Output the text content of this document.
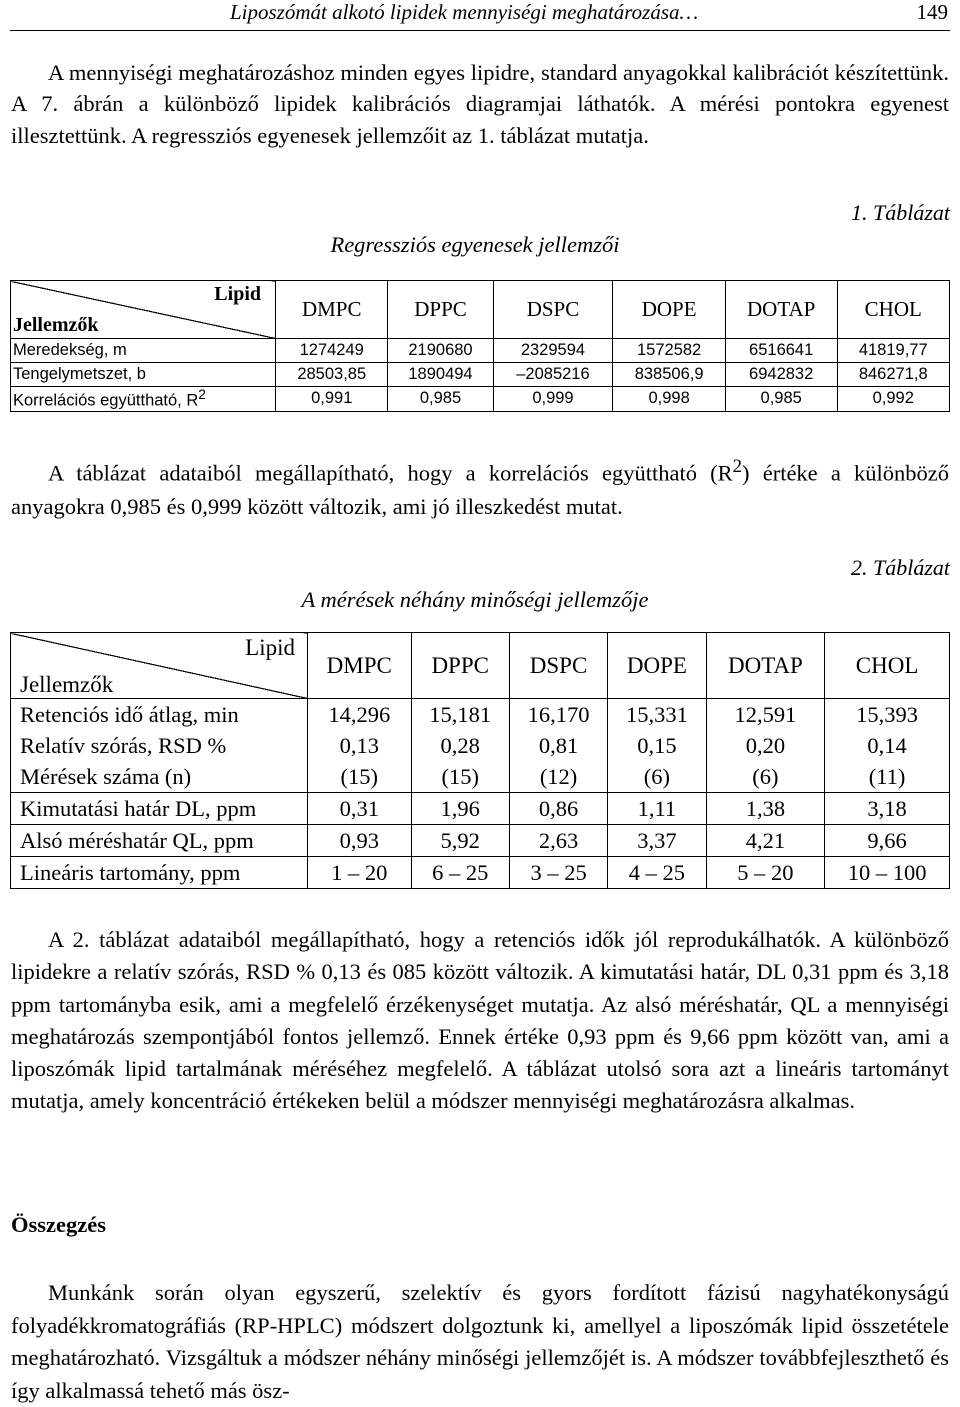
Liposzómát alkotó lipidek mennyiségi meghatározása…	149

A mennyiségi meghatározáshoz minden egyes lipidre, standard anyagokkal kalibrációt készítettünk. A 7. ábrán a különböző lipidek kalibrációs diagramjai láthatók. A mérési pontokra egyenest illesztettünk. A regressziós egyenesek jellemzőit az 1. táblázat mutatja.

1. Táblázat
Regressziós egyenesek jellemzői
Lipid
Jellemzők	DMPC	DPPC	DSPC	DOPE	DOTAP	CHOL
Meredekség, m	1274249	2190680	2329594	1572582	6516641	41819,77
Tengelymetszet, b	28503,85	1890494	–2085216	838506,9	6942832	846271,8
Korrelációs együttható, $R^2$	0,991	0,985	0,999	0,998	0,985	0,992

A táblázat adataiból megállapítható, hogy a korrelációs együttható $(R^2)$ értéke a különböző anyagokra 0,985 és 0,999 között változik, ami jó illeszkedést mutat.

2. Táblázat
A mérések néhány minőségi jellemzője
Lipid
Jellemzők	DMPC	DPPC	DSPC	DOPE	DOTAP	CHOL
Retenciós idő átlag, min	14,296	15,181	16,170	15,331	12,591	15,393
Relatív szórás, RSD %	0,13	0,28	0,81	0,15	0,20	0,14
Mérések száma (n)	(15)	(15)	(12)	(6)	(6)	(11)
Kimutatási határ DL, ppm	0,31	1,96	0,86	1,11	1,38	3,18
Alsó méréshatár QL, ppm	0,93	5,92	2,63	3,37	4,21	9,66
Lineáris tartomány, ppm	1 – 20	6 – 25	3 – 25	4 – 25	5 – 20	10 – 100

A 2. táblázat adataiból megállapítható, hogy a retenciós idők jól reprodukálhatók. A különböző lipidekre a relatív szórás, RSD % 0,13 és 085 között változik. A kimutatási határ, DL 0,31 ppm és 3,18 ppm tartományba esik, ami a megfelelő érzékenységet mutatja. Az alsó méréshatár, QL a mennyiségi meghatározás szempontjából fontos jellemző. Ennek értéke 0,93 ppm és 9,66 ppm között van, ami a liposzómák lipid tartalmának méréséhez megfelelő. A táblázat utolsó sora azt a lineáris tartományt mutatja, amely koncentráció értékeken belül a módszer mennyiségi meghatározásra alkalmas.

Összegzés

Munkánk során olyan egyszerű, szelektív és gyors fordított fázisú nagyhatékonyságú folyadékkromatográfiás (RP-HPLC) módszert dolgoztunk ki, amellyel a liposzómák lipid összetétele meghatározható. Vizsgáltuk a módszer néhány minőségi jellemzőjét is. A módszer továbbfejleszthető és így alkalmassá tehető más ösz-
